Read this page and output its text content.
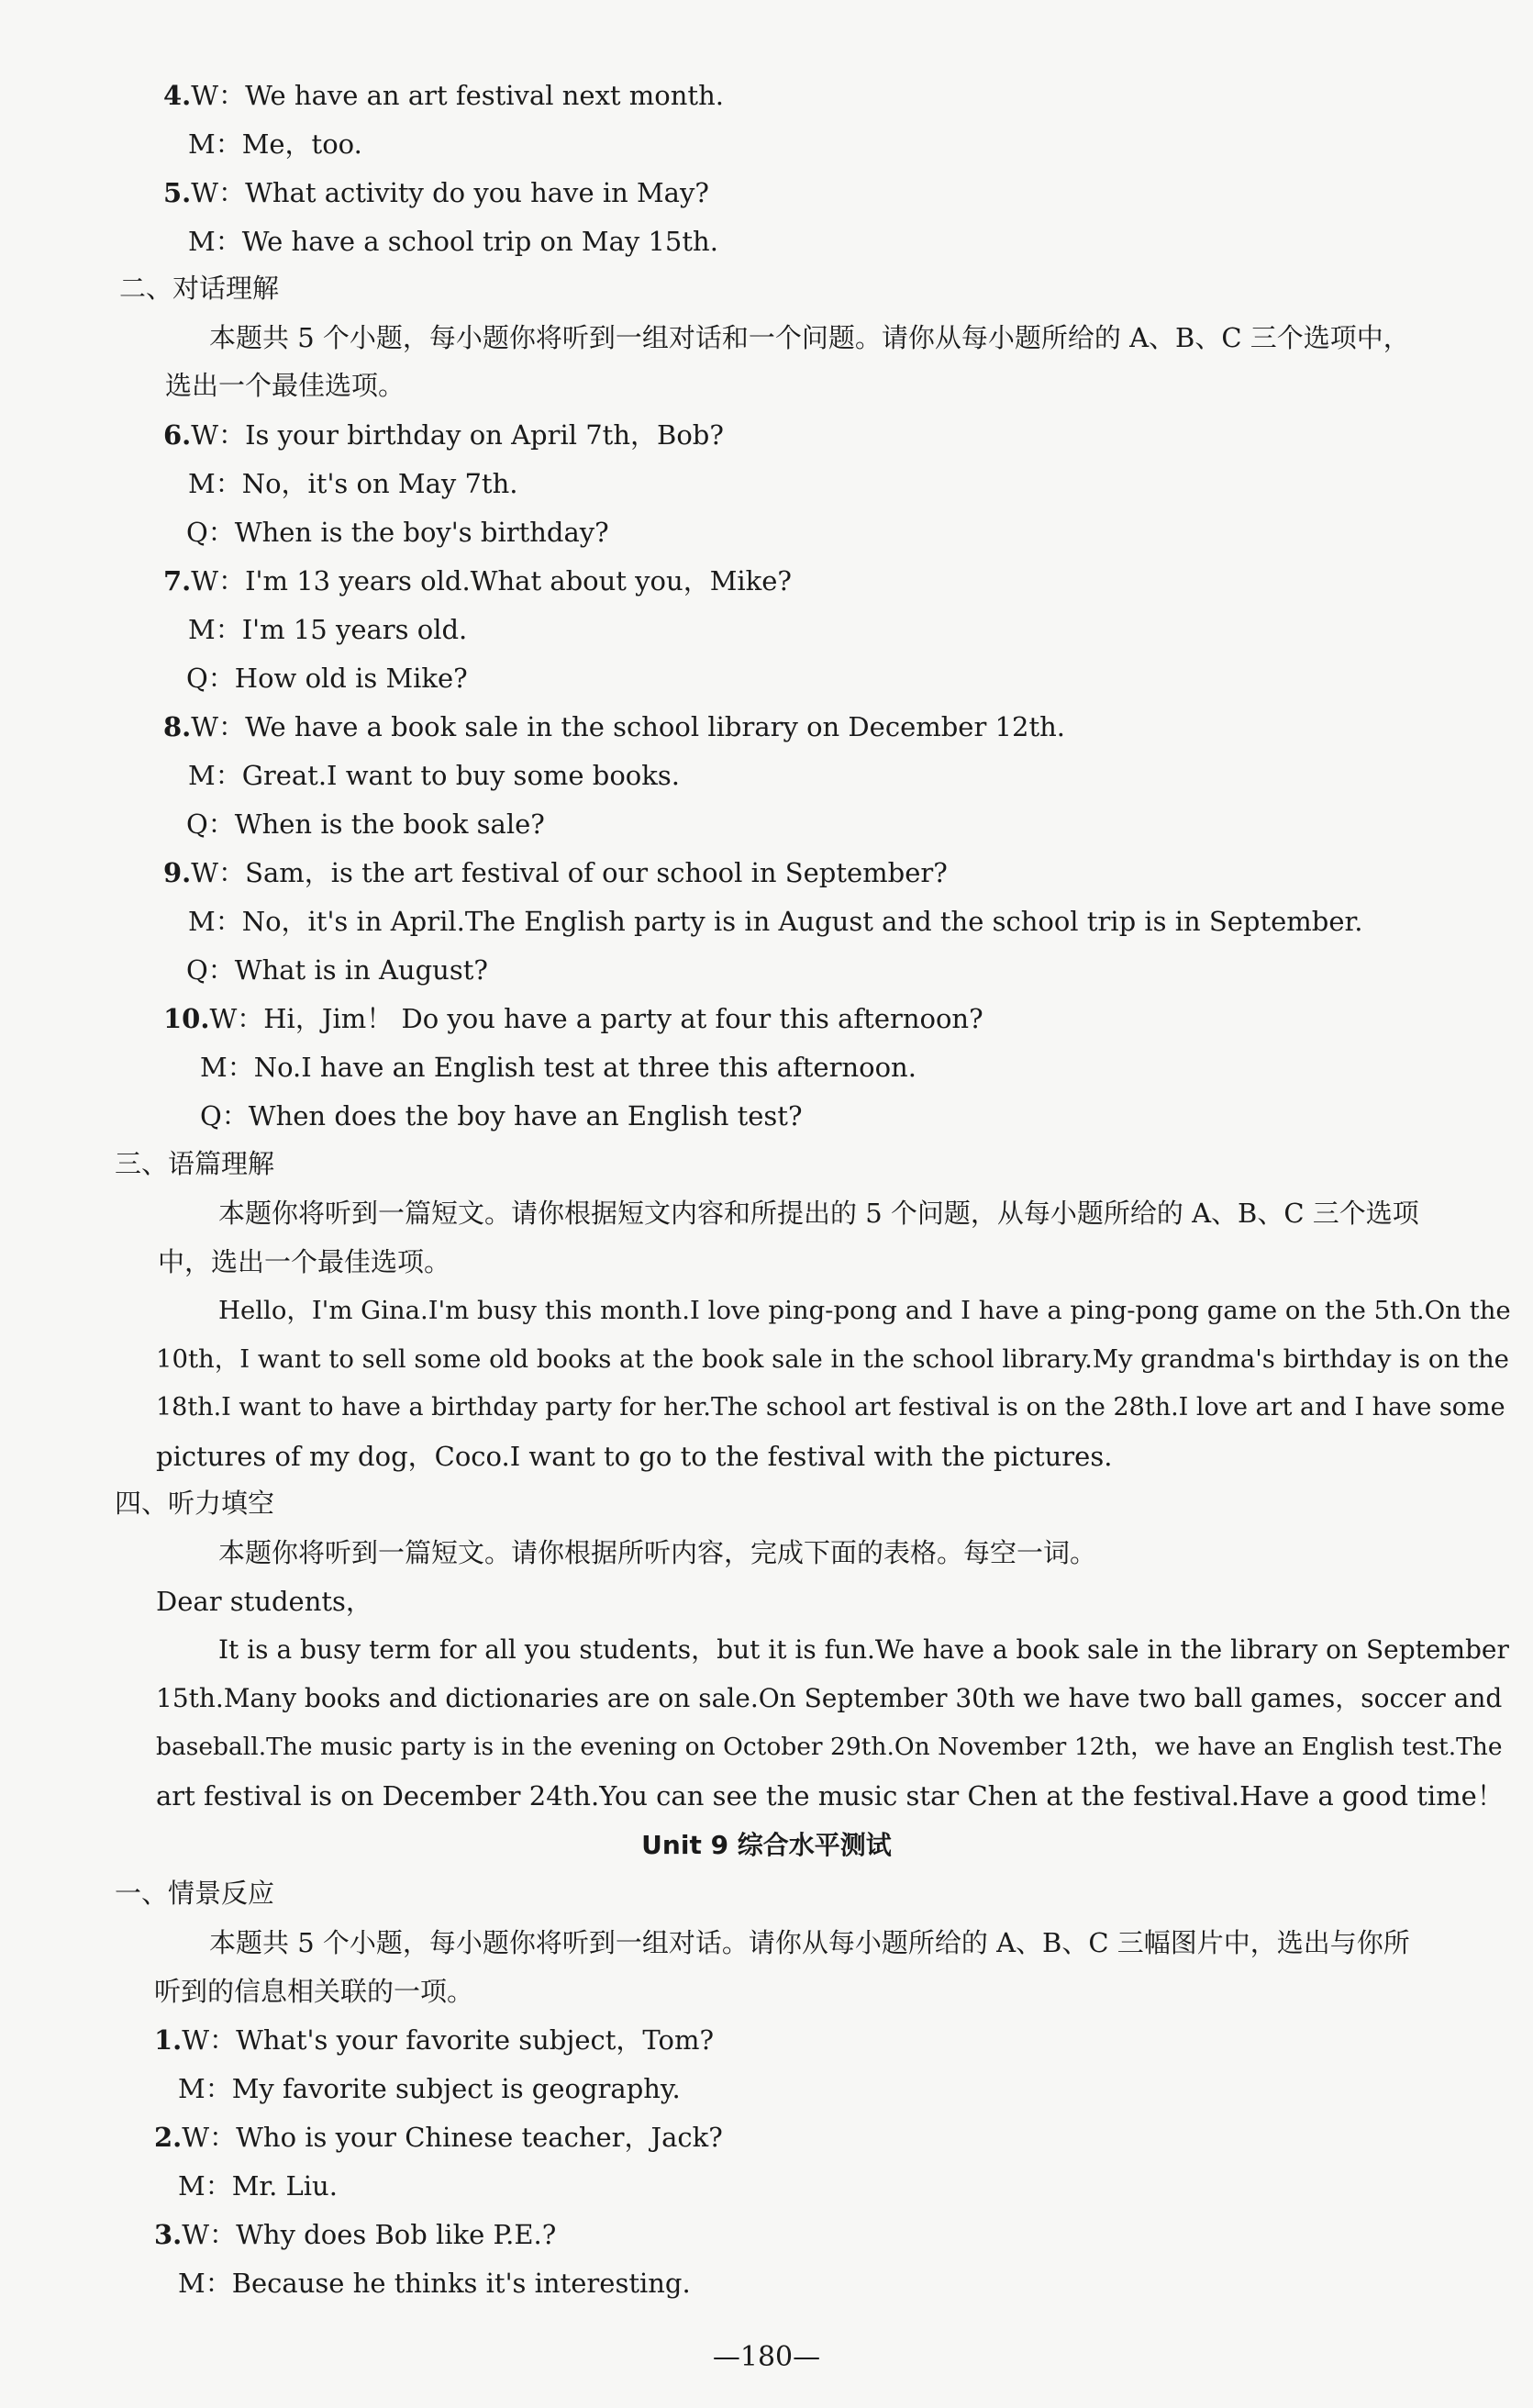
4.W：We have an art festival next month.
M：Me，too.
5.W：What activity do you have in May?
M：We have a school trip on May 15th.
二、对话理解
本题共 5 个小题，每小题你将听到一组对话和一个问题。请你从每小题所给的 A、B、C 三个选项中，
选出一个最佳选项。
6.W：Is your birthday on April 7th，Bob?
M：No，it's on May 7th.
Q：When is the boy's birthday?
7.W：I'm 13 years old.What about you，Mike?
M：I'm 15 years old.
Q：How old is Mike?
8.W：We have a book sale in the school library on December 12th.
M：Great.I want to buy some books.
Q：When is the book sale?
9.W：Sam，is the art festival of our school in September?
M：No，it's in April.The English party is in August and the school trip is in September.
Q：What is in August?
10.W：Hi，Jim！ Do you have a party at four this afternoon?
M：No.I have an English test at three this afternoon.
Q：When does the boy have an English test?
三、语篇理解
本题你将听到一篇短文。请你根据短文内容和所提出的 5 个问题，从每小题所给的 A、B、C 三个选项
中，选出一个最佳选项。
Hello，I'm Gina.I'm busy this month.I love ping-pong and I have a ping-pong game on the 5th.On the
10th，I want to sell some old books at the book sale in the school library.My grandma's birthday is on the
18th.I want to have a birthday party for her.The school art festival is on the 28th.I love art and I have some
pictures of my dog，Coco.I want to go to the festival with the pictures.
四、听力填空
本题你将听到一篇短文。请你根据所听内容，完成下面的表格。每空一词。
Dear students，
It is a busy term for all you students，but it is fun.We have a book sale in the library on September
15th.Many books and dictionaries are on sale.On September 30th we have two ball games，soccer and
baseball.The music party is in the evening on October 29th.On November 12th，we have an English test.The
art festival is on December 24th.You can see the music star Chen at the festival.Have a good time！
Unit 9 综合水平测试
一、情景反应
本题共 5 个小题，每小题你将听到一组对话。请你从每小题所给的 A、B、C 三幅图片中，选出与你所
听到的信息相关联的一项。
1.W：What's your favorite subject，Tom?
M：My favorite subject is geography.
2.W：Who is your Chinese teacher，Jack?
M：Mr. Liu.
3.W：Why does Bob like P.E.?
M：Because he thinks it's interesting.
—180—
